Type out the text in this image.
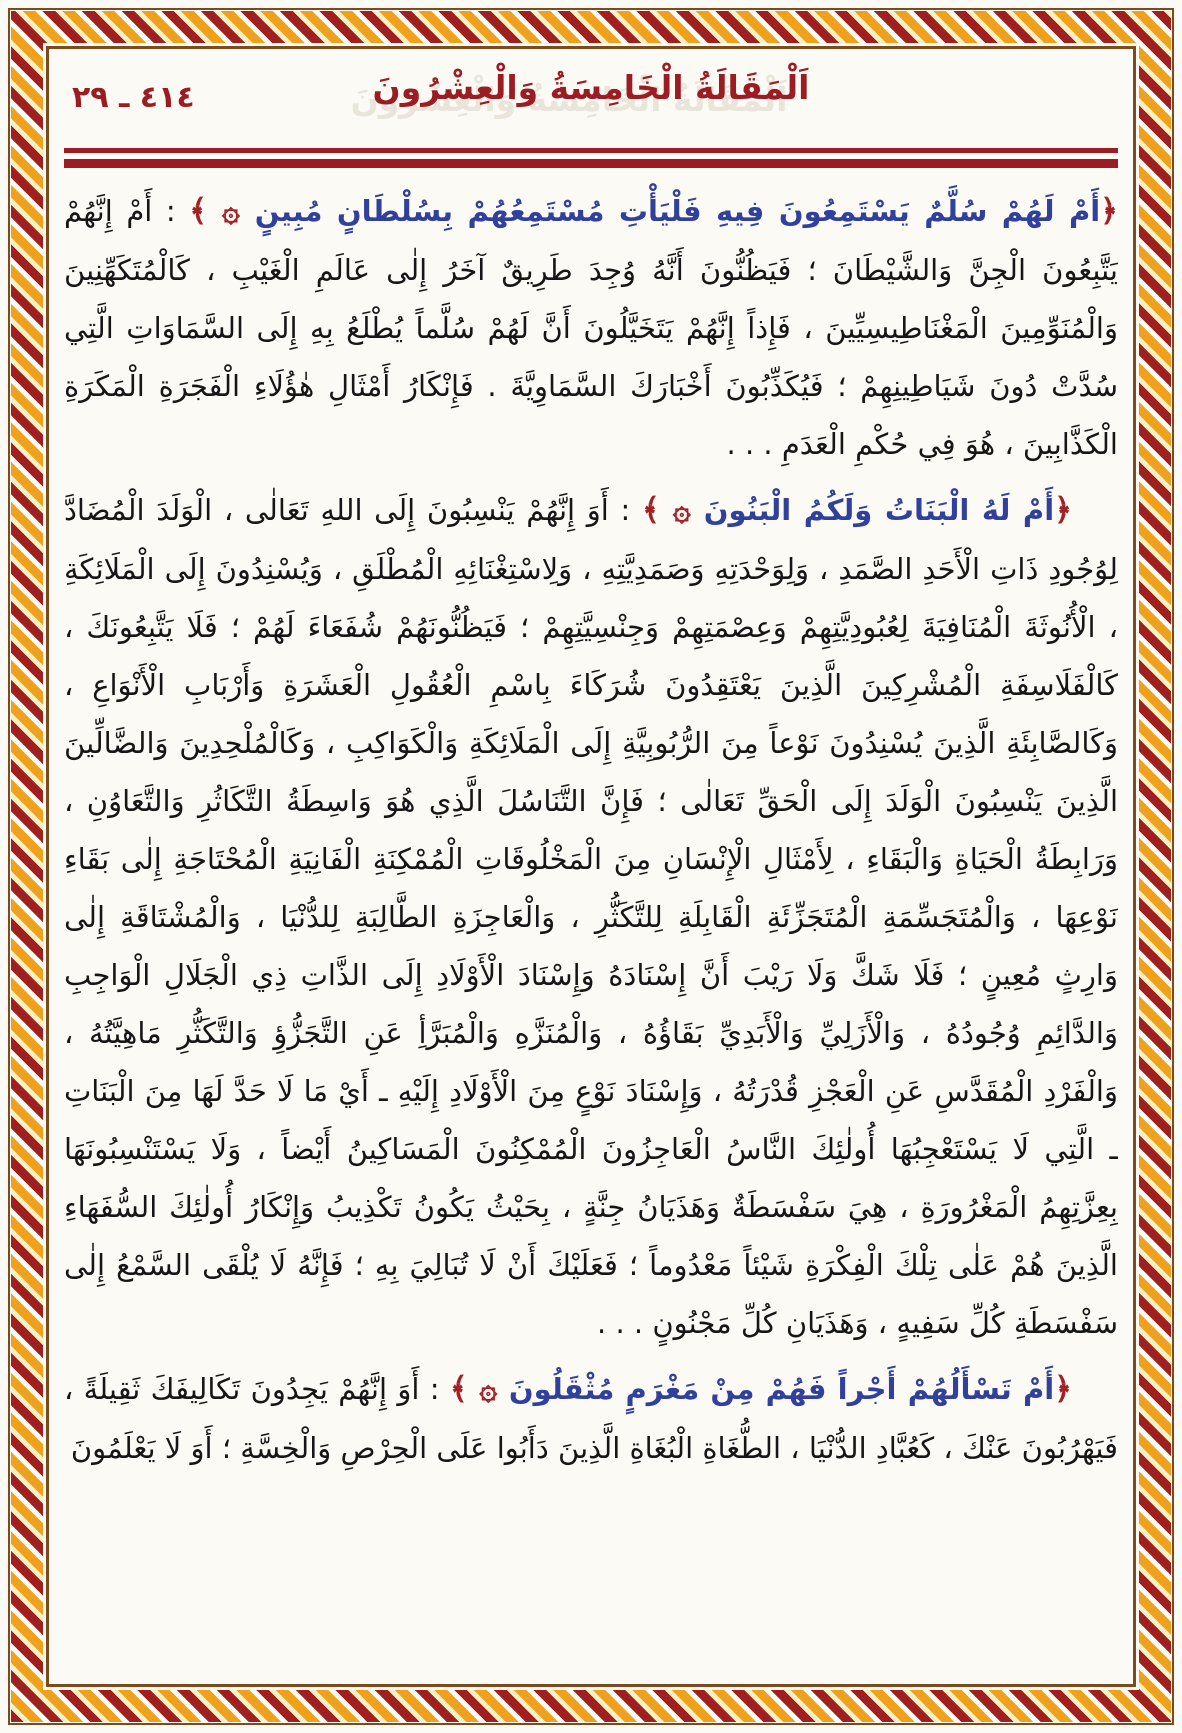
اَلْمَقَالَةُ الْخَامِسَةُ وَالْعِشْرُونَ
٤١٤ ـ ٢٩

﴿أَمْ لَهُمْ سُلَّمٌ يَسْتَمِعُونَ فِيهِ فَلْيَأْتِ مُسْتَمِعُهُمْ بِسُلْطَانٍ مُبِينٍ ۞ ﴾ : أَمْ إِنَّهُمْ يَتَّبِعُونَ الْجِنَّ وَالشَّيْطَانَ ؛ فَيَظُنُّونَ أَنَّهُ وُجِدَ طَرِيقٌ آخَرُ إِلٰى عَالَمِ الْغَيْبِ ، كَالْمُتَكَهِّنِينَ وَالْمُنَوِّمِينَ الْمَغْنَاطِيسِيِّينَ ، فَإِذاً إِنَّهُمْ يَتَخَيَّلُونَ أَنَّ لَهُمْ سُلَّماً يُطْلَعُ بِهِ إِلَى السَّمَاوَاتِ الَّتِي سُدَّتْ دُونَ شَيَاطِينِهِمْ ؛ فَيُكَذِّبُونَ أَخْبَارَكَ السَّمَاوِيَّةَ . فَإِنْكَارُ أَمْثَالِ هٰؤُلَاءِ الْفَجَرَةِ الْمَكَرَةِ الْكَذَّابِينَ ، هُوَ فِي حُكْمِ الْعَدَمِ . . .

﴿أَمْ لَهُ الْبَنَاتُ وَلَكُمُ الْبَنُونَ ۞ ﴾ : أَوَ إِنَّهُمْ يَنْسِبُونَ إِلَى اللهِ تَعَالٰى ، الْوَلَدَ الْمُضَادَّ لِوُجُودِ ذَاتِ الْأَحَدِ الصَّمَدِ ، وَلِوَحْدَتِهِ وَصَمَدِيَّتِهِ ، وَلِاسْتِغْنَائِهِ الْمُطْلَقِ ، وَيُسْنِدُونَ إِلَى الْمَلَائِكَةِ ، الْأُنُوثَةَ الْمُنَافِيَةَ لِعُبُودِيَّتِهِمْ وَعِصْمَتِهِمْ وَجِنْسِيَّتِهِمْ ؛ فَيَظُنُّونَهُمْ شُفَعَاءَ لَهُمْ ؛ فَلَا يَتَّبِعُونَكَ ، كَالْفَلَاسِفَةِ الْمُشْرِكِينَ الَّذِينَ يَعْتَقِدُونَ شُرَكَاءَ بِاسْمِ الْعُقُولِ الْعَشَرَةِ وَأَرْبَابِ الْأَنْوَاعِ ، وَكَالصَّابِئَةِ الَّذِينَ يُسْنِدُونَ نَوْعاً مِنَ الرُّبُوبِيَّةِ إِلَى الْمَلَائِكَةِ وَالْكَوَاكِبِ ، وَكَالْمُلْحِدِينَ وَالضَّالِّينَ الَّذِينَ يَنْسِبُونَ الْوَلَدَ إِلَى الْحَقِّ تَعَالٰى ؛ فَإِنَّ التَّنَاسُلَ الَّذِي هُوَ وَاسِطَةُ التَّكَاثُرِ وَالتَّعَاوُنِ ، وَرَابِطَةُ الْحَيَاةِ وَالْبَقَاءِ ، لِأَمْثَالِ الْإِنْسَانِ مِنَ الْمَخْلُوقَاتِ الْمُمْكِنَةِ الْفَانِيَةِ الْمُحْتَاجَةِ إِلٰى بَقَاءِ نَوْعِهَا ، وَالْمُتَجَسِّمَةِ الْمُتَجَزِّئَةِ الْقَابِلَةِ لِلتَّكَثُّرِ ، وَالْعَاجِزَةِ الطَّالِبَةِ لِلدُّنْيَا ، وَالْمُشْتَاقَةِ إِلٰى وَارِثٍ مُعِينٍ ؛ فَلَا شَكَّ وَلَا رَيْبَ أَنَّ إِسْنَادَهُ وَإِسْنَادَ الْأَوْلَادِ إِلَى الذَّاتِ ذِي الْجَلَالِ الْوَاجِبِ وَالدَّائِمِ وُجُودُهُ ، وَالْأَزَلِيِّ وَالْأَبَدِيِّ بَقَاؤُهُ ، وَالْمُنَزَّهِ وَالْمُبَرَّأِ عَنِ التَّجَزُّؤِ وَالتَّكَثُّرِ مَاهِيَّتُهُ ، وَالْفَرْدِ الْمُقَدَّسِ عَنِ الْعَجْزِ قُدْرَتُهُ ، وَإِسْنَادَ نَوْعٍ مِنَ الْأَوْلَادِ إِلَيْهِ ـ أَيْ مَا لَا حَدَّ لَهَا مِنَ الْبَنَاتِ ـ الَّتِي لَا يَسْتَعْجِبُهَا أُولٰئِكَ النَّاسُ الْعَاجِزُونَ الْمُمْكِنُونَ الْمَسَاكِينُ أَيْضاً ، وَلَا يَسْتَنْسِبُونَهَا بِعِزَّتِهِمُ الْمَغْرُورَةِ ، هِيَ سَفْسَطَةٌ وَهَذَيَانُ جِنَّةٍ ، بِحَيْثُ يَكُونُ تَكْذِيبُ وَإِنْكَارُ أُولٰئِكَ السُّفَهَاءِ الَّذِينَ هُمْ عَلٰى تِلْكَ الْفِكْرَةِ شَيْئاً مَعْدُوماً ؛ فَعَلَيْكَ أَنْ لَا تُبَالِيَ بِهِ ؛ فَإِنَّهُ لَا يُلْقَى السَّمْعُ إِلٰى سَفْسَطَةِ كُلِّ سَفِيهٍ ، وَهَذَيَانِ كُلِّ مَجْنُونٍ . . .

﴿أَمْ تَسْأَلُهُمْ أَجْراً فَهُمْ مِنْ مَغْرَمٍ مُثْقَلُونَ ۞ ﴾ : أَوَ إِنَّهُمْ يَجِدُونَ تَكَالِيفَكَ ثَقِيلَةً ، فَيَهْرُبُونَ عَنْكَ ، كَعُبَّادِ الدُّنْيَا ، الطُّغَاةِ الْبُغَاةِ الَّذِينَ دَأَبُوا عَلَى الْحِرْصِ وَالْخِسَّةِ ؛ أَوَ لَا يَعْلَمُونَ
